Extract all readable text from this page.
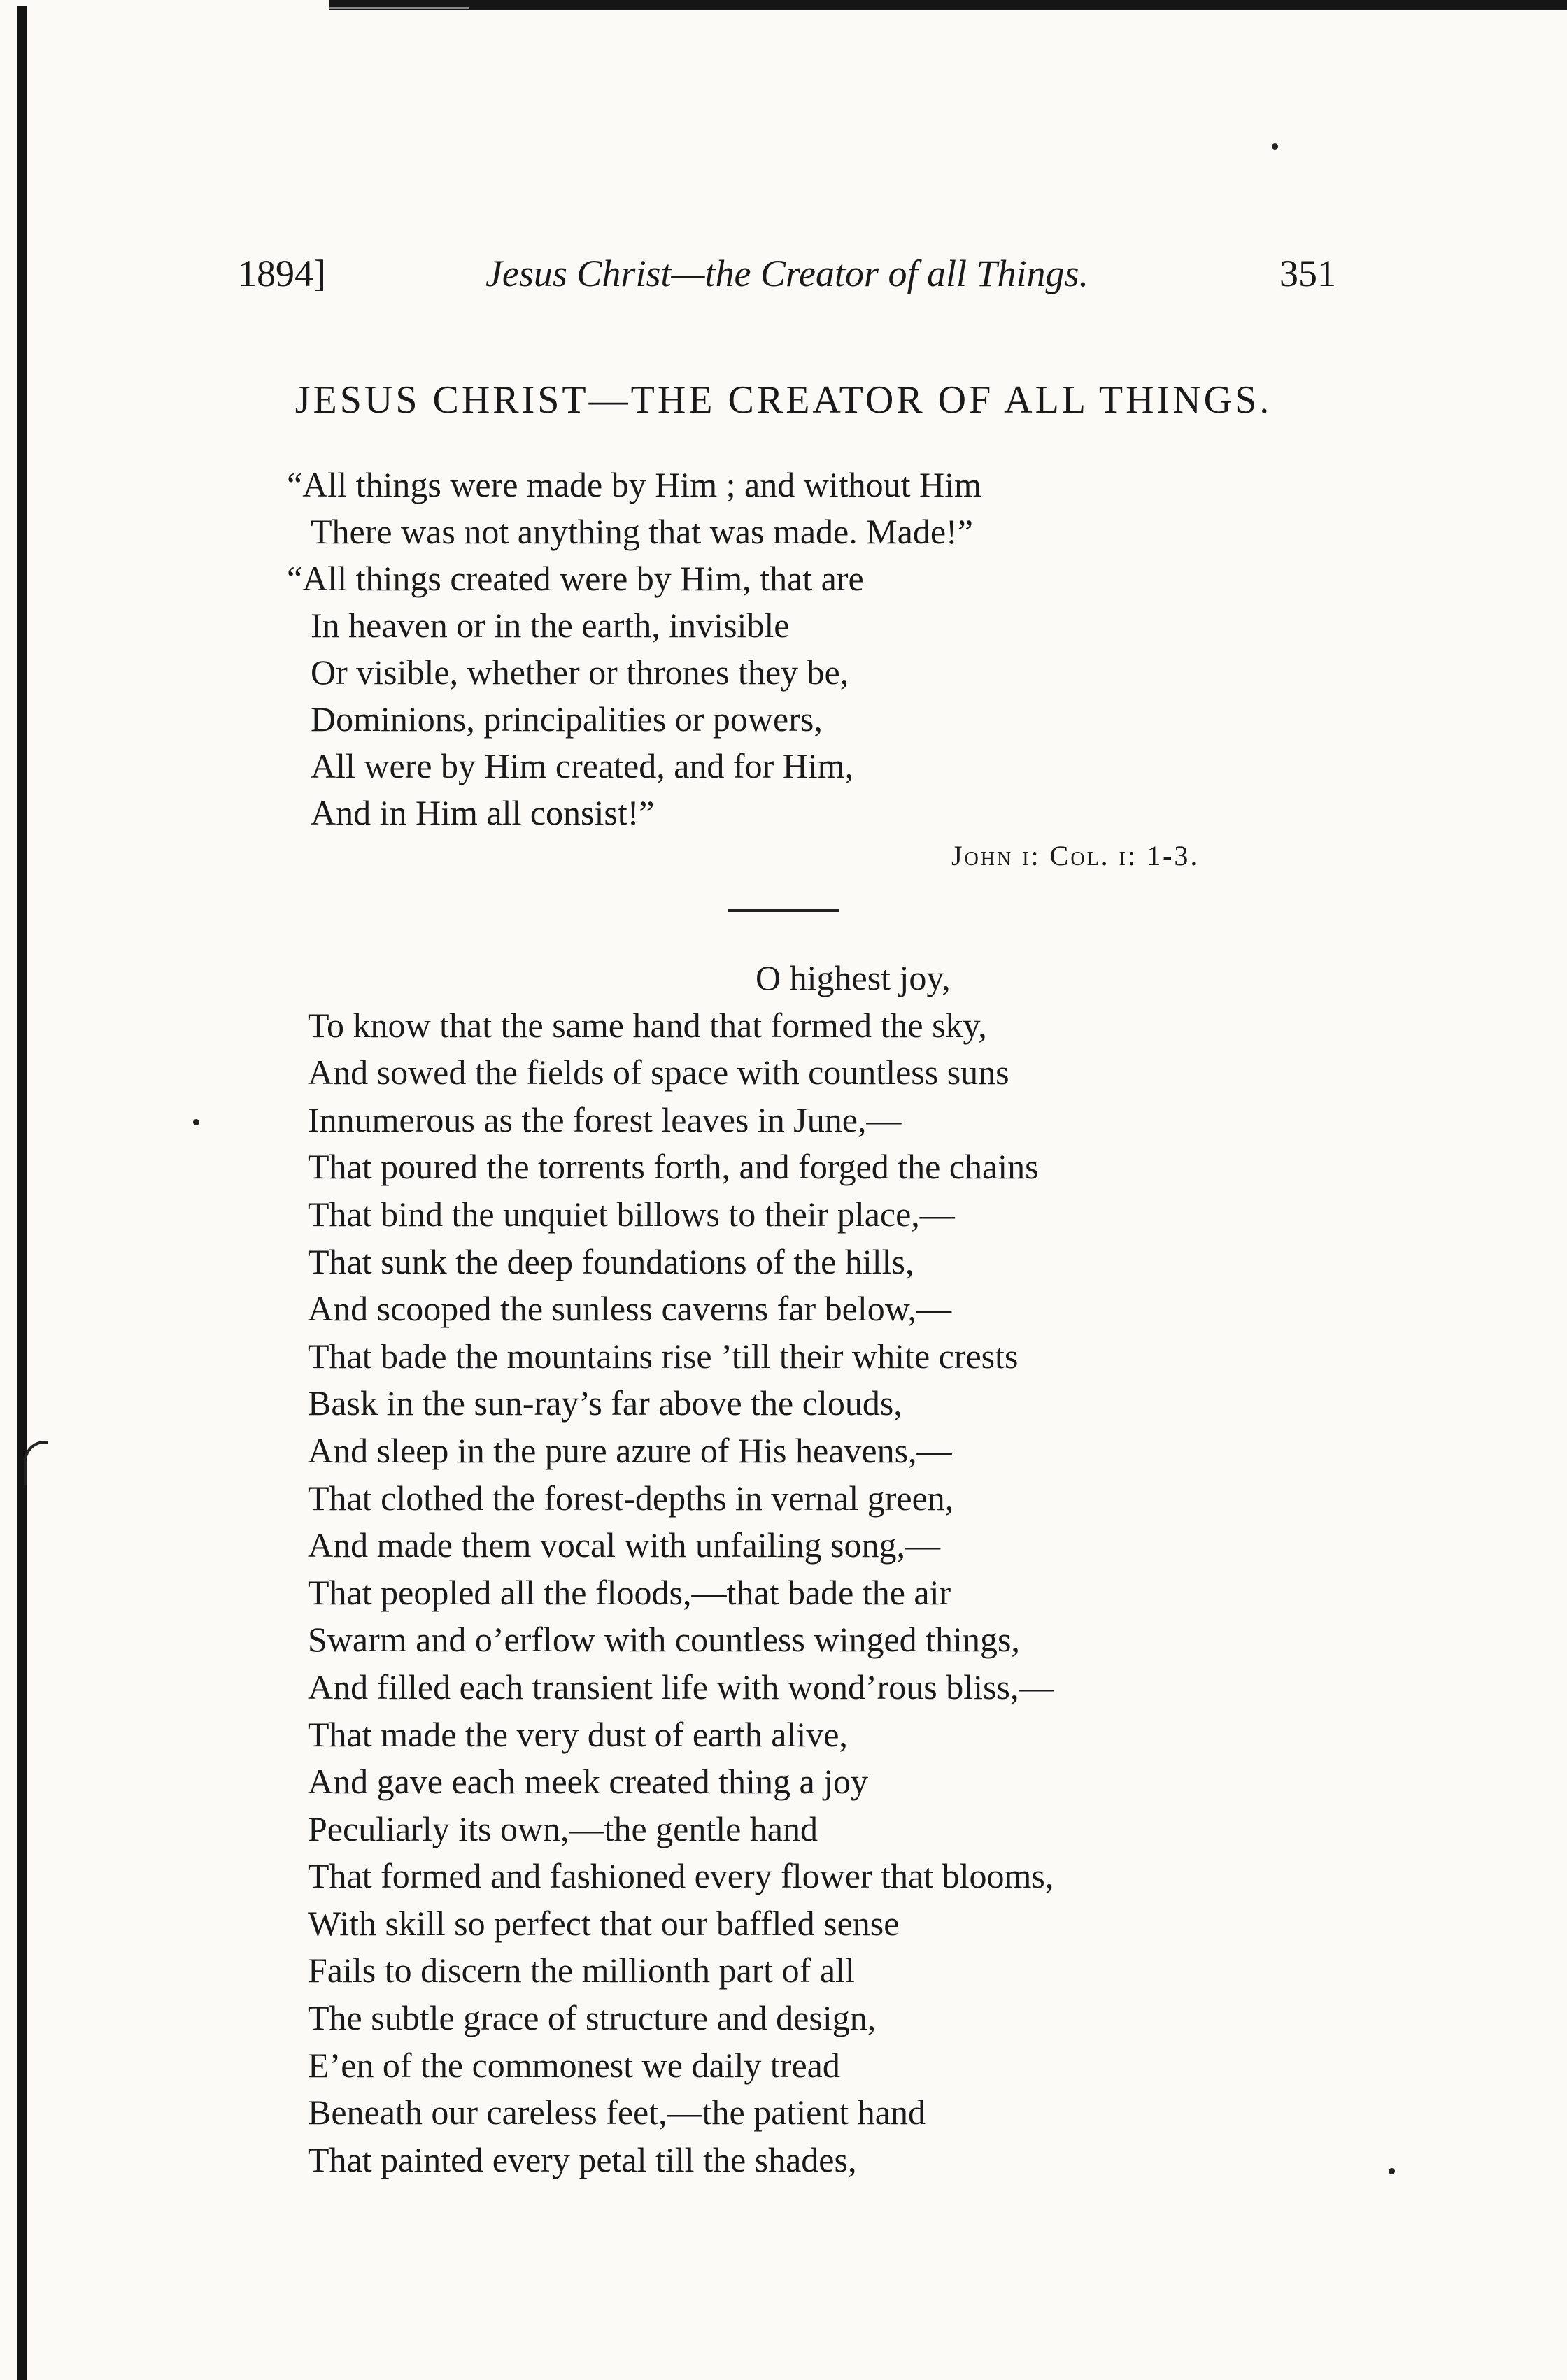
1894]	Jesus Christ—the Creator of all Things.	351
JESUS CHRIST—THE CREATOR OF ALL THINGS.
“All things were made by Him ; and without Him
There was not anything that was made. Made!”
“All things created were by Him, that are
In heaven or in the earth, invisible
Or visible, whether or thrones they be,
Dominions, principalities or powers,
All were by Him created, and for Him,
And in Him all consist!”
John i: Col. i: 1-3.
O highest joy,
To know that the same hand that formed the sky,
And sowed the fields of space with countless suns
Innumerous as the forest leaves in June,—
That poured the torrents forth, and forged the chains
That bind the unquiet billows to their place,—
That sunk the deep foundations of the hills,
And scooped the sunless caverns far below,—
That bade the mountains rise ’till their white crests
Bask in the sun-ray’s far above the clouds,
And sleep in the pure azure of His heavens,—
That clothed the forest-depths in vernal green,
And made them vocal with unfailing song,—
That peopled all the floods,—that bade the air
Swarm and o’erflow with countless winged things,
And filled each transient life with wond’rous bliss,—
That made the very dust of earth alive,
And gave each meek created thing a joy
Peculiarly its own,—the gentle hand
That formed and fashioned every flower that blooms,
With skill so perfect that our baffled sense
Fails to discern the millionth part of all
The subtle grace of structure and design,
E’en of the commonest we daily tread
Beneath our careless feet,—the patient hand
That painted every petal till the shades,
